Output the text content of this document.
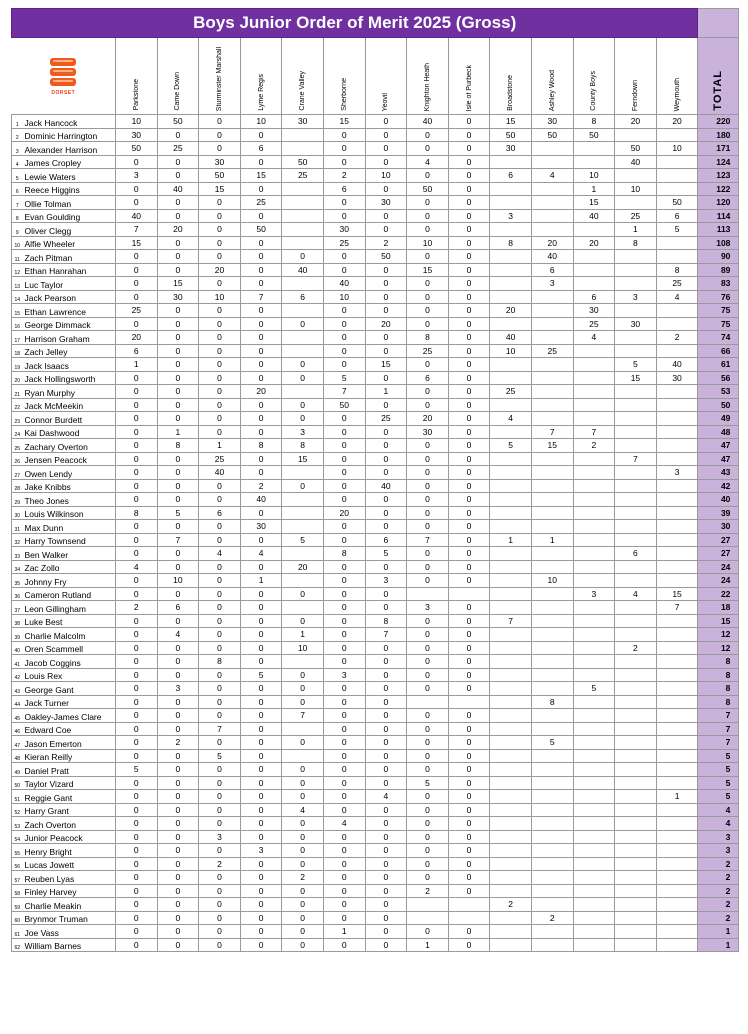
Boys Junior Order of Merit 2025 (Gross)																

DORSET		Parkstone	Came Down	Sturminster Marshall	Lyme Regis	Crane Valley	Sherborne	Yeovil	Knighton Heath	Isle of Purbeck	Broadstone	Ashley Wood	County Boys	Ferndown	Weymouth	TOTAL

1	Jack Hancock	10	50	0	10	30	15	0	40	0	15	30	8	20	20	220
2	Dominic Harrington	30	0	0	0		0	0	0	0	50	50	50			180
3	Alexander Harrison	50	25	0	6		0	0	0	0	30			50	10	171
4	James Cropley	0	0	30	0	50	0	0	4	0				40		124
5	Lewie Waters	3	0	50	15	25	2	10	0	0	6	4	10			123
6	Reece Higgins	0	40	15	0		6	0	50	0			1	10		122
7	Ollie Tolman	0	0	0	25		0	30	0	0			15		50	120
8	Evan Goulding	40	0	0	0		0	0	0	0	3		40	25	6	114
9	Oliver Clegg	7	20	0	50		30	0	0	0				1	5	113
10	Alfie Wheeler	15	0	0	0		25	2	10	0	8	20	20	8		108
11	Zach Pitman	0	0	0	0	0	0	50	0	0		40				90
12	Ethan Hanrahan	0	0	20	0	40	0	0	15	0		6			8	89
13	Luc Taylor	0	15	0	0		40	0	0	0		3			25	83
14	Jack Pearson	0	30	10	7	6	10	0	0	0			6	3	4	76
15	Ethan Lawrence	25	0	0	0		0	0	0	0	20		30			75
16	George Dimmack	0	0	0	0	0	0	20	0	0			25	30		75
17	Harrison Graham	20	0	0	0		0	0	8	0	40		4		2	74
18	Zach Jelley	6	0	0	0		0	0	25	0	10	25				66
19	Jack Isaacs	1	0	0	0	0	0	15	0	0				5	40	61
20	Jack Hollingsworth	0	0	0	0	0	5	0	6	0				15	30	56
21	Ryan Murphy	0	0	0	20		7	1	0	0	25					53
22	Jack McMeekin	0	0	0	0	0	50	0	0	0						50
23	Connor Burdett	0	0	0	0	0	0	25	20	0	4					49
24	Kai Dashwood	0	1	0	0	3	0	0	30	0		7	7			48
25	Zachary Overton	0	8	1	8	8	0	0	0	0	5	15	2			47
26	Jensen Peacock	0	0	25	0	15	0	0	0	0				7		47
27	Owen Lendy	0	0	40	0		0	0	0	0					3	43
28	Jake Knibbs	0	0	0	2	0	0	40	0	0						42
29	Theo Jones	0	0	0	40		0	0	0	0						40
30	Louis Wilkinson	8	5	6	0		20	0	0	0						39
31	Max Dunn	0	0	0	30		0	0	0	0						30
32	Harry Townsend	0	7	0	0	5	0	6	7	0	1	1				27
33	Ben Walker	0	0	4	4		8	5	0	0				6		27
34	Zac Zollo	4	0	0	0	20	0	0	0	0						24
35	Johnny Fry	0	10	0	1		0	3	0	0		10				24
36	Cameron Rutland	0	0	0	0	0	0	0					3	4	15	22
37	Leon Gillingham	2	6	0	0		0	0	3	0					7	18
38	Luke Best	0	0	0	0	0	0	8	0	0	7					15
39	Charlie Malcolm	0	4	0	0	1	0	7	0	0						12
40	Oren Scammell	0	0	0	0	10	0	0	0	0				2		12
41	Jacob Coggins	0	0	8	0		0	0	0	0						8
42	Louis Rex	0	0	0	5	0	3	0	0	0						8
43	George Gant	0	3	0	0	0	0	0	0	0			5			8
44	Jack Turner	0	0	0	0	0	0	0				8				8
45	Oakley-James Clare	0	0	0	0	7	0	0	0	0						7
46	Edward Coe	0	0	7	0		0	0	0	0						7
47	Jason Emerton	0	2	0	0	0	0	0	0	0		5				7
48	Kieran Reilly	0	0	5	0		0	0	0	0						5
49	Daniel Pratt	5	0	0	0	0	0	0	0	0						5
50	Taylor Vizard	0	0	0	0	0	0	0	5	0						5
51	Reggie Gant	0	0	0	0	0	0	4	0	0					1	5
52	Harry Grant	0	0	0	0	4	0	0	0	0						4
53	Zach Overton	0	0	0	0	0	4	0	0	0						4
54	Junior Peacock	0	0	3	0	0	0	0	0	0						3
55	Henry Bright	0	0	0	3	0	0	0	0	0						3
56	Lucas Jowett	0	0	2	0	0	0	0	0	0						2
57	Reuben Lyas	0	0	0	0	2	0	0	0	0						2
58	Finley Harvey	0	0	0	0	0	0	0	2	0						2
59	Charlie Meakin	0	0	0	0	0	0	0			2					2
60	Brynmor Truman	0	0	0	0	0	0	0				2				2
61	Joe Vass	0	0	0	0	0	1	0	0	0						1
62	William Barnes	0	0	0	0	0	0	0	1	0						1
